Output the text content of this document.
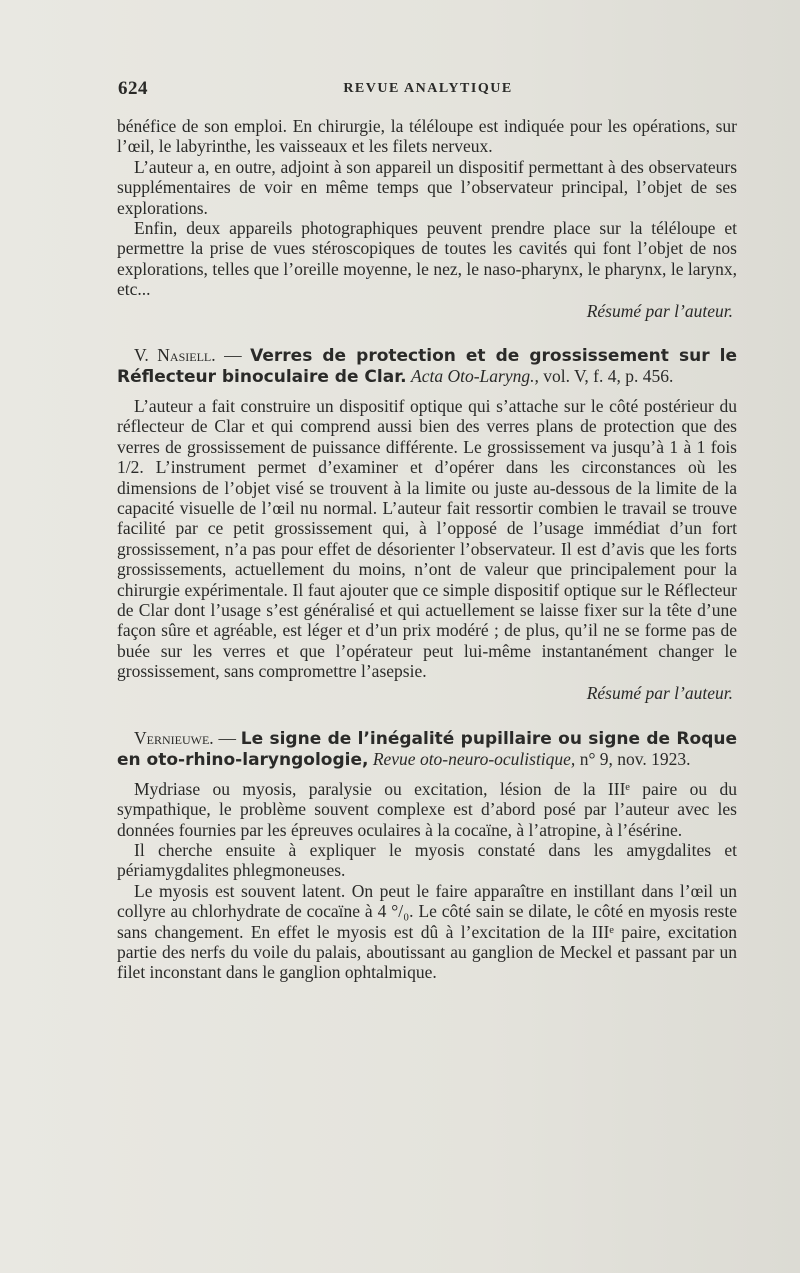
624	REVUE ANALYTIQUE

bénéfice de son emploi. En chirurgie, la téléloupe est indiquée pour les opérations, sur l’œil, le labyrinthe, les vaisseaux et les filets nerveux.

L’auteur a, en outre, adjoint à son appareil un dispositif permettant à des observateurs supplémentaires de voir en même temps que l’observateur principal, l’objet de ses explorations.

Enfin, deux appareils photographiques peuvent prendre place sur la téléloupe et permettre la prise de vues stéroscopiques de toutes les cavités qui font l’objet de nos explorations, telles que l’oreille moyenne, le nez, le naso-pharynx, le pharynx, le larynx, etc...

Résumé par l’auteur.

V. Nasiell. — Verres de protection et de grossissement sur le Réflecteur binoculaire de Clar. Acta Oto-Laryng., vol. V, f. 4, p. 456.

L’auteur a fait construire un dispositif optique qui s’attache sur le côté postérieur du réflecteur de Clar et qui comprend aussi bien des verres plans de protection que des verres de grossissement de puissance différente. Le grossissement va jusqu’à 1 à 1 fois 1/2. L’instrument permet d’examiner et d’opérer dans les circonstances où les dimensions de l’objet visé se trouvent à la limite ou juste au-dessous de la limite de la capacité visuelle de l’œil nu normal. L’auteur fait ressortir combien le travail se trouve facilité par ce petit grossissement qui, à l’opposé de l’usage immédiat d’un fort grossissement, n’a pas pour effet de désorienter l’observateur. Il est d’avis que les forts grossissements, actuellement du moins, n’ont de valeur que principalement pour la chirurgie expérimentale. Il faut ajouter que ce simple dispositif optique sur le Réflecteur de Clar dont l’usage s’est généralisé et qui actuellement se laisse fixer sur la tête d’une façon sûre et agréable, est léger et d’un prix modéré ; de plus, qu’il ne se forme pas de buée sur les verres et que l’opérateur peut lui-même instantanément changer le grossissement, sans compromettre l’asepsie.

Résumé par l’auteur.

Vernieuwe. — Le signe de l’inégalité pupillaire ou signe de Roque en oto-rhino-laryngologie, Revue oto-neuro-oculistique, n° 9, nov. 1923.

Mydriase ou myosis, paralysie ou excitation, lésion de la IIIᵉ paire ou du sympathique, le problème souvent complexe est d’abord posé par l’auteur avec les données fournies par les épreuves oculaires à la cocaïne, à l’atropine, à l’ésérine.

Il cherche ensuite à expliquer le myosis constaté dans les amygdalites et périamygdalites phlegmoneuses.

Le myosis est souvent latent. On peut le faire apparaître en instillant dans l’œil un collyre au chlorhydrate de cocaïne à 4 °/₀. Le côté sain se dilate, le côté en myosis reste sans changement. En effet le myosis est dû à l’excitation de la IIIᵉ paire, excitation partie des nerfs du voile du palais, aboutissant au ganglion de Meckel et passant par un filet inconstant dans le ganglion ophtalmique.
